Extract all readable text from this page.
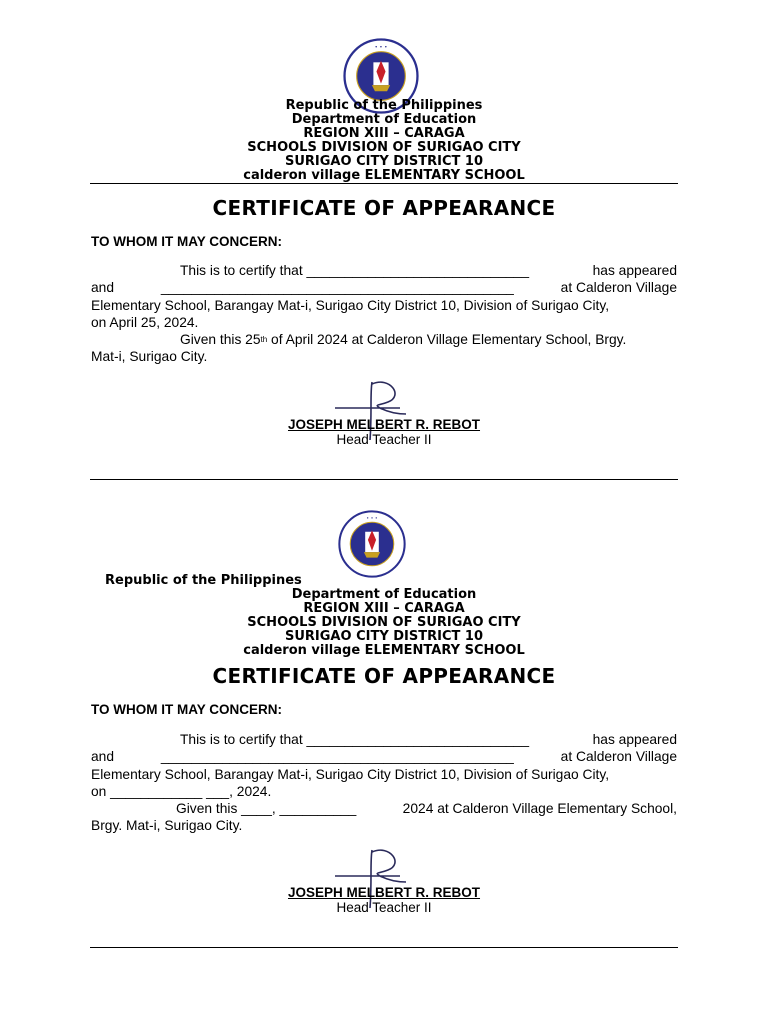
• • •
Republic of the Philippines
Department of Education
REGION XIII – CARAGA
SCHOOLS DIVISION OF SURIGAO CITY
SURIGAO CITY DISTRICT 10
calderon village ELEMENTARY SCHOOL
CERTIFICATE OF APPEARANCE
TO WHOM IT MAY CONCERN:
This is to certify that _____________________________	has appeared
and	______________________________________________	at Calderon Village
Elementary School, Barangay Mat-i, Surigao City District 10, Division of Surigao City,
on April 25, 2024.
Given this 25 th of April 2024 at Calderon Village Elementary School, Brgy.
Mat-i, Surigao City.
JOSEPH MELBERT R. REBOT
Head Teacher II
• • •
Republic of the Philippines
Department of Education
REGION XIII – CARAGA
SCHOOLS DIVISION OF SURIGAO CITY
SURIGAO CITY DISTRICT 10
calderon village ELEMENTARY SCHOOL
CERTIFICATE OF APPEARANCE
TO WHOM IT MAY CONCERN:
This is to certify that _____________________________	has appeared
and	______________________________________________	at Calderon Village
Elementary School, Barangay Mat-i, Surigao City District 10, Division of Surigao City,
on ____________ ___, 2024.
Given this ____, __________	2024 at Calderon Village Elementary School,
Brgy. Mat-i, Surigao City.
JOSEPH MELBERT R. REBOT
Head Teacher II
